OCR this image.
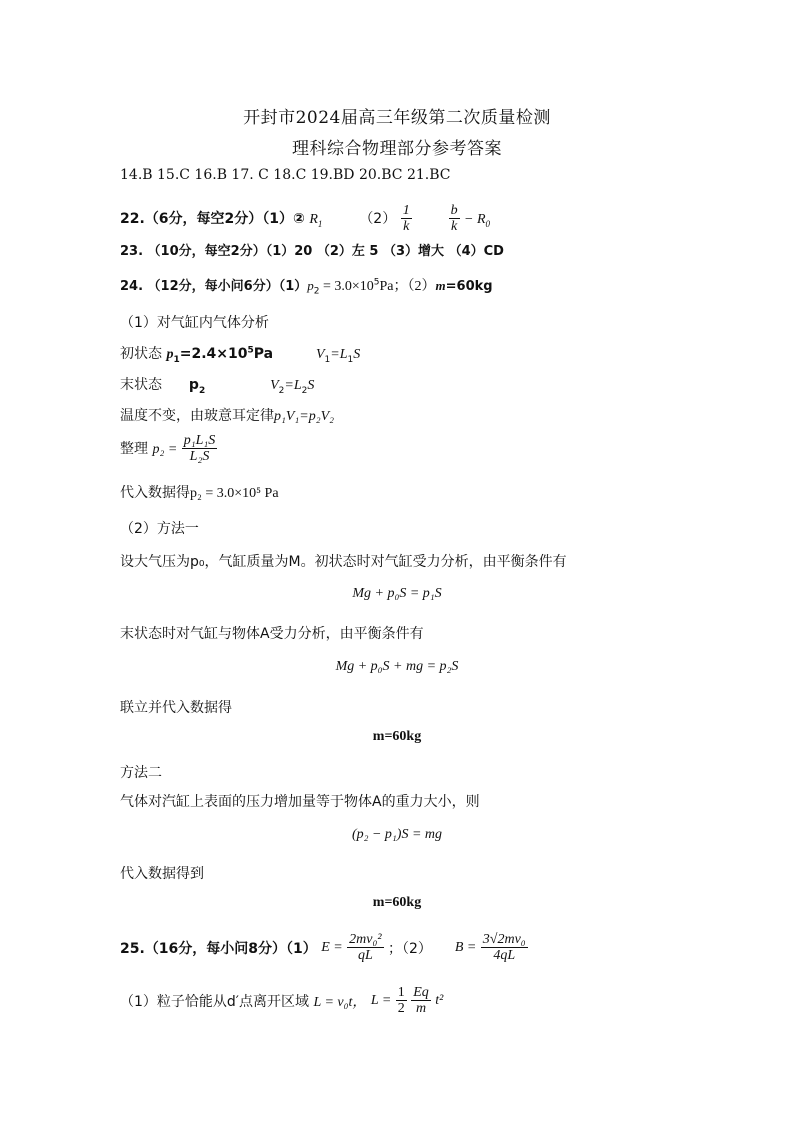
开封市2024届高三年级第二次质量检测
理科综合物理部分参考答案
14.B 15.C 16.B 17. C 18.C 19.BD 20.BC 21.BC
22.（6分，每空2分）（1）② $R_1$	$(2) \frac{1}{k}$
	$\frac{b}{k} - R_0$
23. （10分，每空2分）（1）20 （2）左 5 （3）增大 （4）CD
24. （12分，每小问6分）$(1)p_2 = 3.0\times 10^5Pa$；（2）m=60kg
（1）对气缸内气体分析
初状态 $p_1=2.4\times 10^5Pa$	$V_1=L_1S$
末状态 $p_2$	$V_2=L_2S$
温度不变，由玻意耳定律p₁V₁=p₂V₂
整理 $p_2 = \frac{\text{p₁L₁S}}{\text{L₂S}}$
代入数据得p₂ = 3.0×10⁵ Pa
（2）方法一
设大气压为p₀，气缸质量为M。初状态时对气缸受力分析，由平衡条件有
Mg + p₀S = p₁S
末状态时对气缸与物体A受力分析，由平衡条件有
Mg + p₀S + mg = p₂S
联立并代入数据得
m=60kg
方法二
气体对汽缸上表面的压力增加量等于物体A的重力大小，则
(p₂ − p₁)S = mg
代入数据得到
m=60kg
25.（16分，每小问8分）（1） $E = \frac{\text{2mv₀²}}{qL}$ ；（2） $B = \frac{\text{3√2mv₀}}{4qL}$
（1）粒子恰能从d′点离开区域 L = v₀t， $L = \frac{1}{2}$
$\frac{Eq}{m} t^2$
